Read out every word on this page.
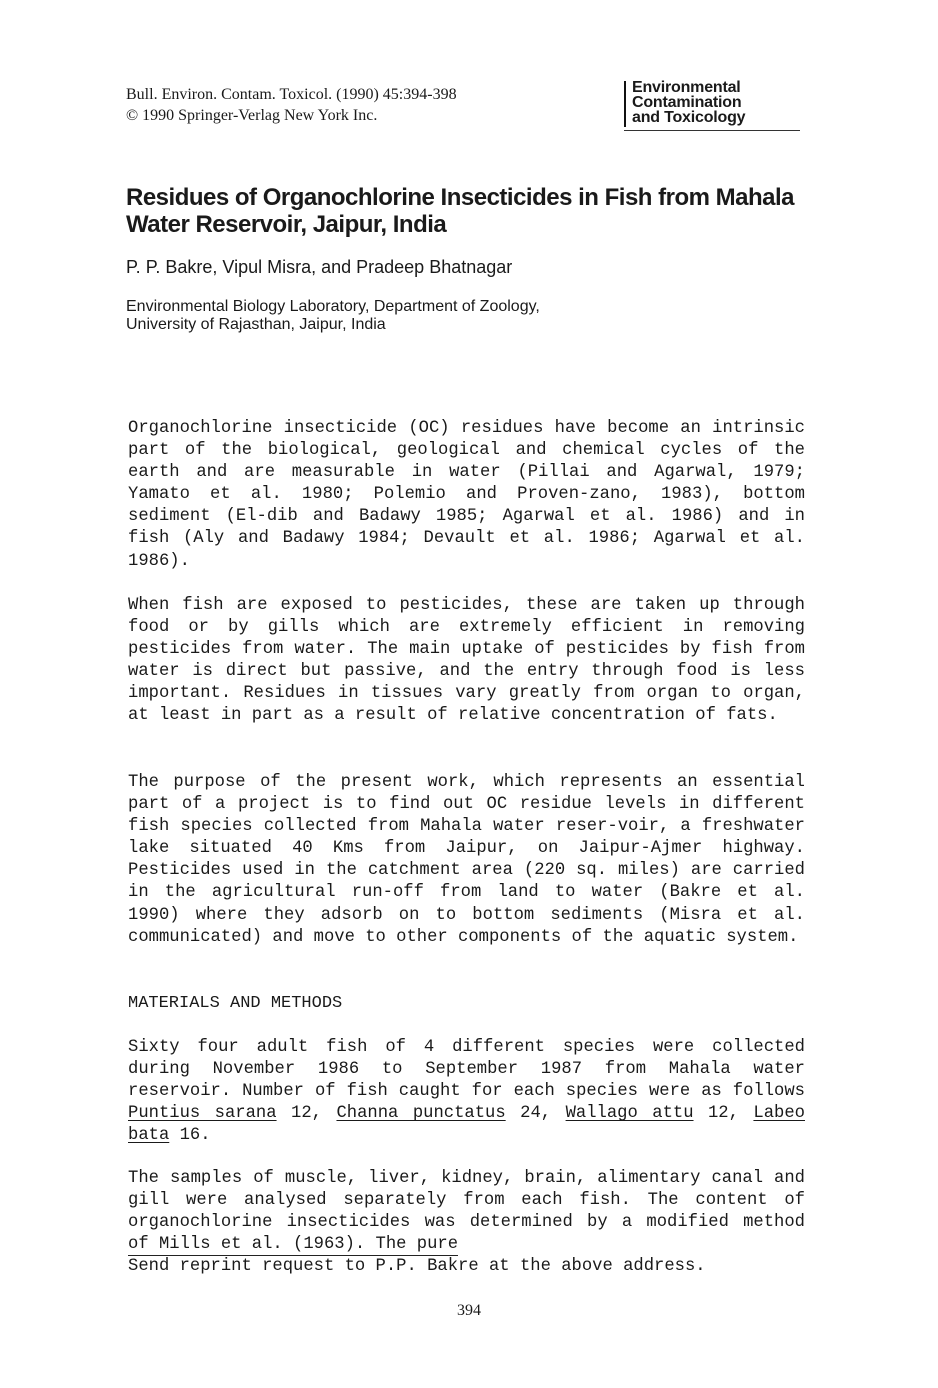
Bull. Environ. Contam. Toxicol. (1990) 45:394-398
© 1990 Springer-Verlag New York Inc.
Environmental
Contamination
and Toxicology
Residues of Organochlorine Insecticides in Fish from Mahala Water Reservoir, Jaipur, India
P. P. Bakre, Vipul Misra, and Pradeep Bhatnagar
Environmental Biology Laboratory, Department of Zoology,
University of Rajasthan, Jaipur, India

Organochlorine insecticide (OC) residues have become an intrinsic part of the biological, geological and chemical cycles of the earth and are measurable in water (Pillai and Agarwal, 1979; Yamato et al. 1980; Polemio and Proven-zano, 1983), bottom sediment (El-dib and Badawy 1985; Agarwal et al. 1986) and in fish (Aly and Badawy 1984; Devault et al. 1986; Agarwal et al. 1986).

When fish are exposed to pesticides, these are taken up through food or by gills which are extremely efficient in removing pesticides from water. The main uptake of pesticides by fish from water is direct but passive, and the entry through food is less important. Residues in tissues vary greatly from organ to organ, at least in part as a result of relative concentration of fats.

The purpose of the present work, which represents an essential part of a project is to find out OC residue levels in different fish species collected from Mahala water reser-voir, a freshwater lake situated 40 Kms from Jaipur, on Jaipur-Ajmer highway. Pesticides used in the catchment area (220 sq. miles) are carried in the agricultural run-off from land to water (Bakre et al. 1990) where they adsorb on to bottom sediments (Misra et al. communicated) and move to other components of the aquatic system.

MATERIALS AND METHODS

Sixty four adult fish of 4 different species were collected during November 1986 to September 1987 from Mahala water reservoir. Number of fish caught for each species were as follows Puntius sarana 12, Channa punctatus 24, Wallago attu 12, Labeo bata 16.

The samples of muscle, liver, kidney, brain, alimentary canal and gill were analysed separately from each fish. The content of organochlorine insecticides was determined by a modified method of Mills et al. (1963). The pure
Send reprint request to P.P. Bakre at the above address.

394
